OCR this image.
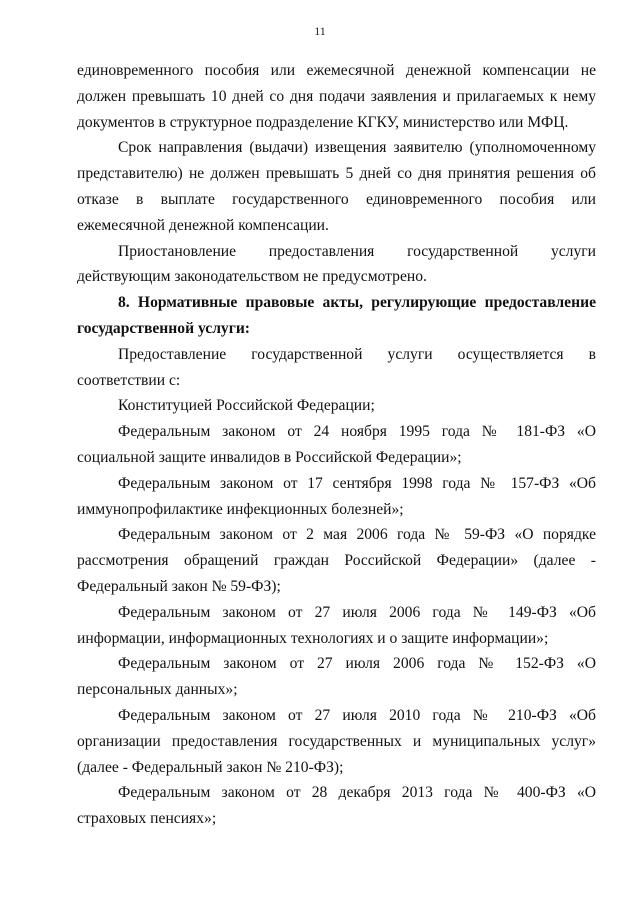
11

единовременного пособия или ежемесячной денежной компенсации не должен превышать 10 дней со дня подачи заявления и прилагаемых к нему документов в структурное подразделение КГКУ, министерство или МФЦ.

Срок направления (выдачи) извещения заявителю (уполномоченному представителю) не должен превышать 5 дней со дня принятия решения об отказе в выплате государственного единовременного пособия или ежемесячной денежной компенсации.

Приостановление предоставления государственной услуги действующим законодательством не предусмотрено.

8. Нормативные правовые акты, регулирующие предоставление государственной услуги:

Предоставление государственной услуги осуществляется в соответствии с:

Конституцией Российской Федерации;

Федеральным законом от 24 ноября 1995 года № 181-ФЗ «О социальной защите инвалидов в Российской Федерации»;

Федеральным законом от 17 сентября 1998 года № 157-ФЗ «Об иммунопрофилактике инфекционных болезней»;

Федеральным законом от 2 мая 2006 года № 59-ФЗ «О порядке рассмотрения обращений граждан Российской Федерации» (далее - Федеральный закон № 59-ФЗ);

Федеральным законом от 27 июля 2006 года № 149-ФЗ «Об информации, информационных технологиях и о защите информации»;

Федеральным законом от 27 июля 2006 года № 152-ФЗ «О персональных данных»;

Федеральным законом от 27 июля 2010 года № 210-ФЗ «Об организации предоставления государственных и муниципальных услуг» (далее - Федеральный закон № 210-ФЗ);

Федеральным законом от 28 декабря 2013 года № 400-ФЗ «О страховых пенсиях»;
